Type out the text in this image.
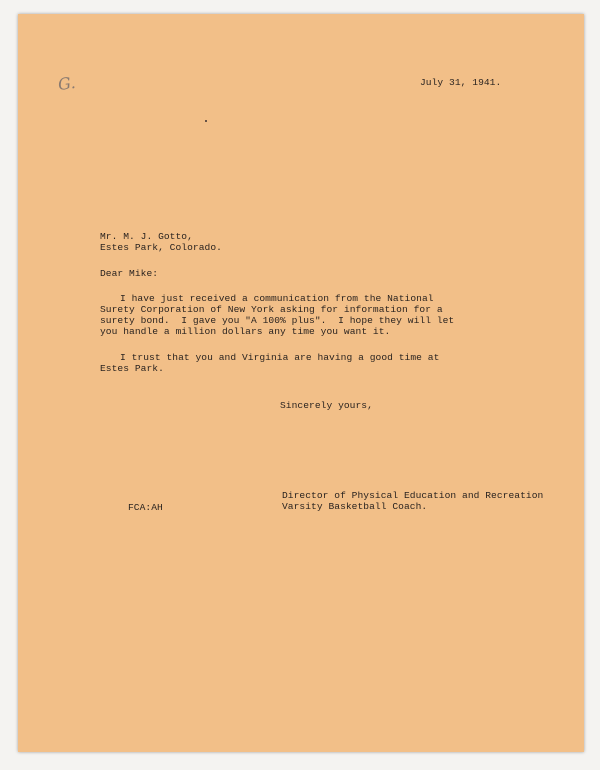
G.	July 31, 1941.
Mr. M. J. Gotto,
Estes Park, Colorado.
Dear Mike:
I have just received a communication from the National
Surety Corporation of New York asking for information for a
surety bond.  I gave you "A 100% plus".  I hope they will let
you handle a million dollars any time you want it.
I trust that you and Virginia are having a good time at
Estes Park.
Sincerely yours,
Director of Physical Education and Recreation
Varsity Basketball Coach.
FCA:AH
